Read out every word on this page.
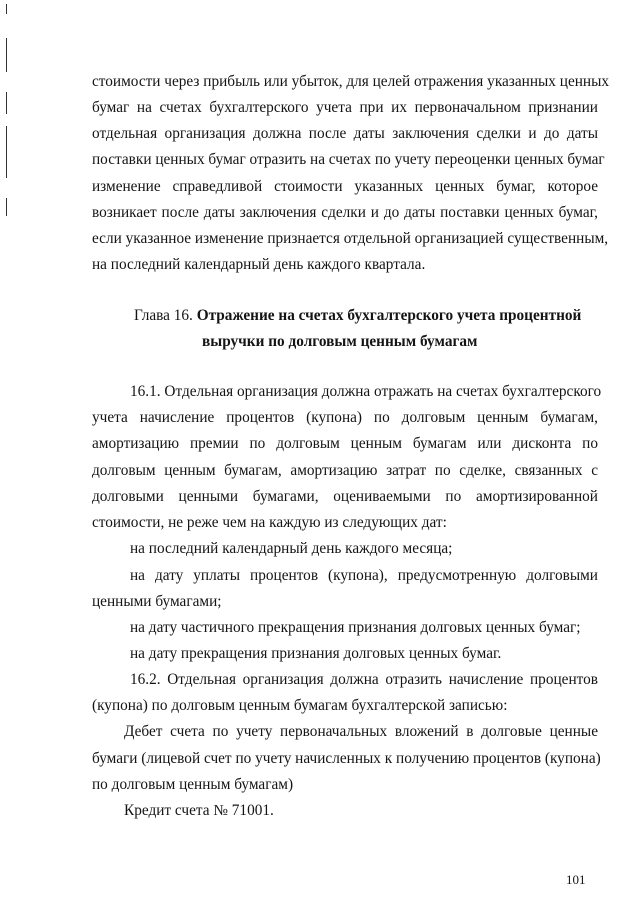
стоимости через прибыль или убыток, для целей отражения указанных ценных
бумаг на счетах бухгалтерского учета при их первоначальном признании
отдельная организация должна после даты заключения сделки и до даты
поставки ценных бумаг отразить на счетах по учету переоценки ценных бумаг
изменение справедливой стоимости указанных ценных бумаг, которое
возникает после даты заключения сделки и до даты поставки ценных бумаг,
если указанное изменение признается отдельной организацией существенным,
на последний календарный день каждого квартала.
Глава 16. Отражение на счетах бухгалтерского учета процентной
выручки по долговым ценным бумагам
16.1. Отдельная организация должна отражать на счетах бухгалтерского
учета начисление процентов (купона) по долговым ценным бумагам,
амортизацию премии по долговым ценным бумагам или дисконта по
долговым ценным бумагам, амортизацию затрат по сделке, связанных с
долговыми ценными бумагами, оцениваемыми по амортизированной
стоимости, не реже чем на каждую из следующих дат:
на последний календарный день каждого месяца;
на дату уплаты процентов (купона), предусмотренную долговыми
ценными бумагами;
на дату частичного прекращения признания долговых ценных бумаг;
на дату прекращения признания долговых ценных бумаг.
16.2. Отдельная организация должна отразить начисление процентов
(купона) по долговым ценным бумагам бухгалтерской записью:
Дебет счета по учету первоначальных вложений в долговые ценные
бумаги (лицевой счет по учету начисленных к получению процентов (купона)
по долговым ценным бумагам)
Кредит счета № 71001.
101
